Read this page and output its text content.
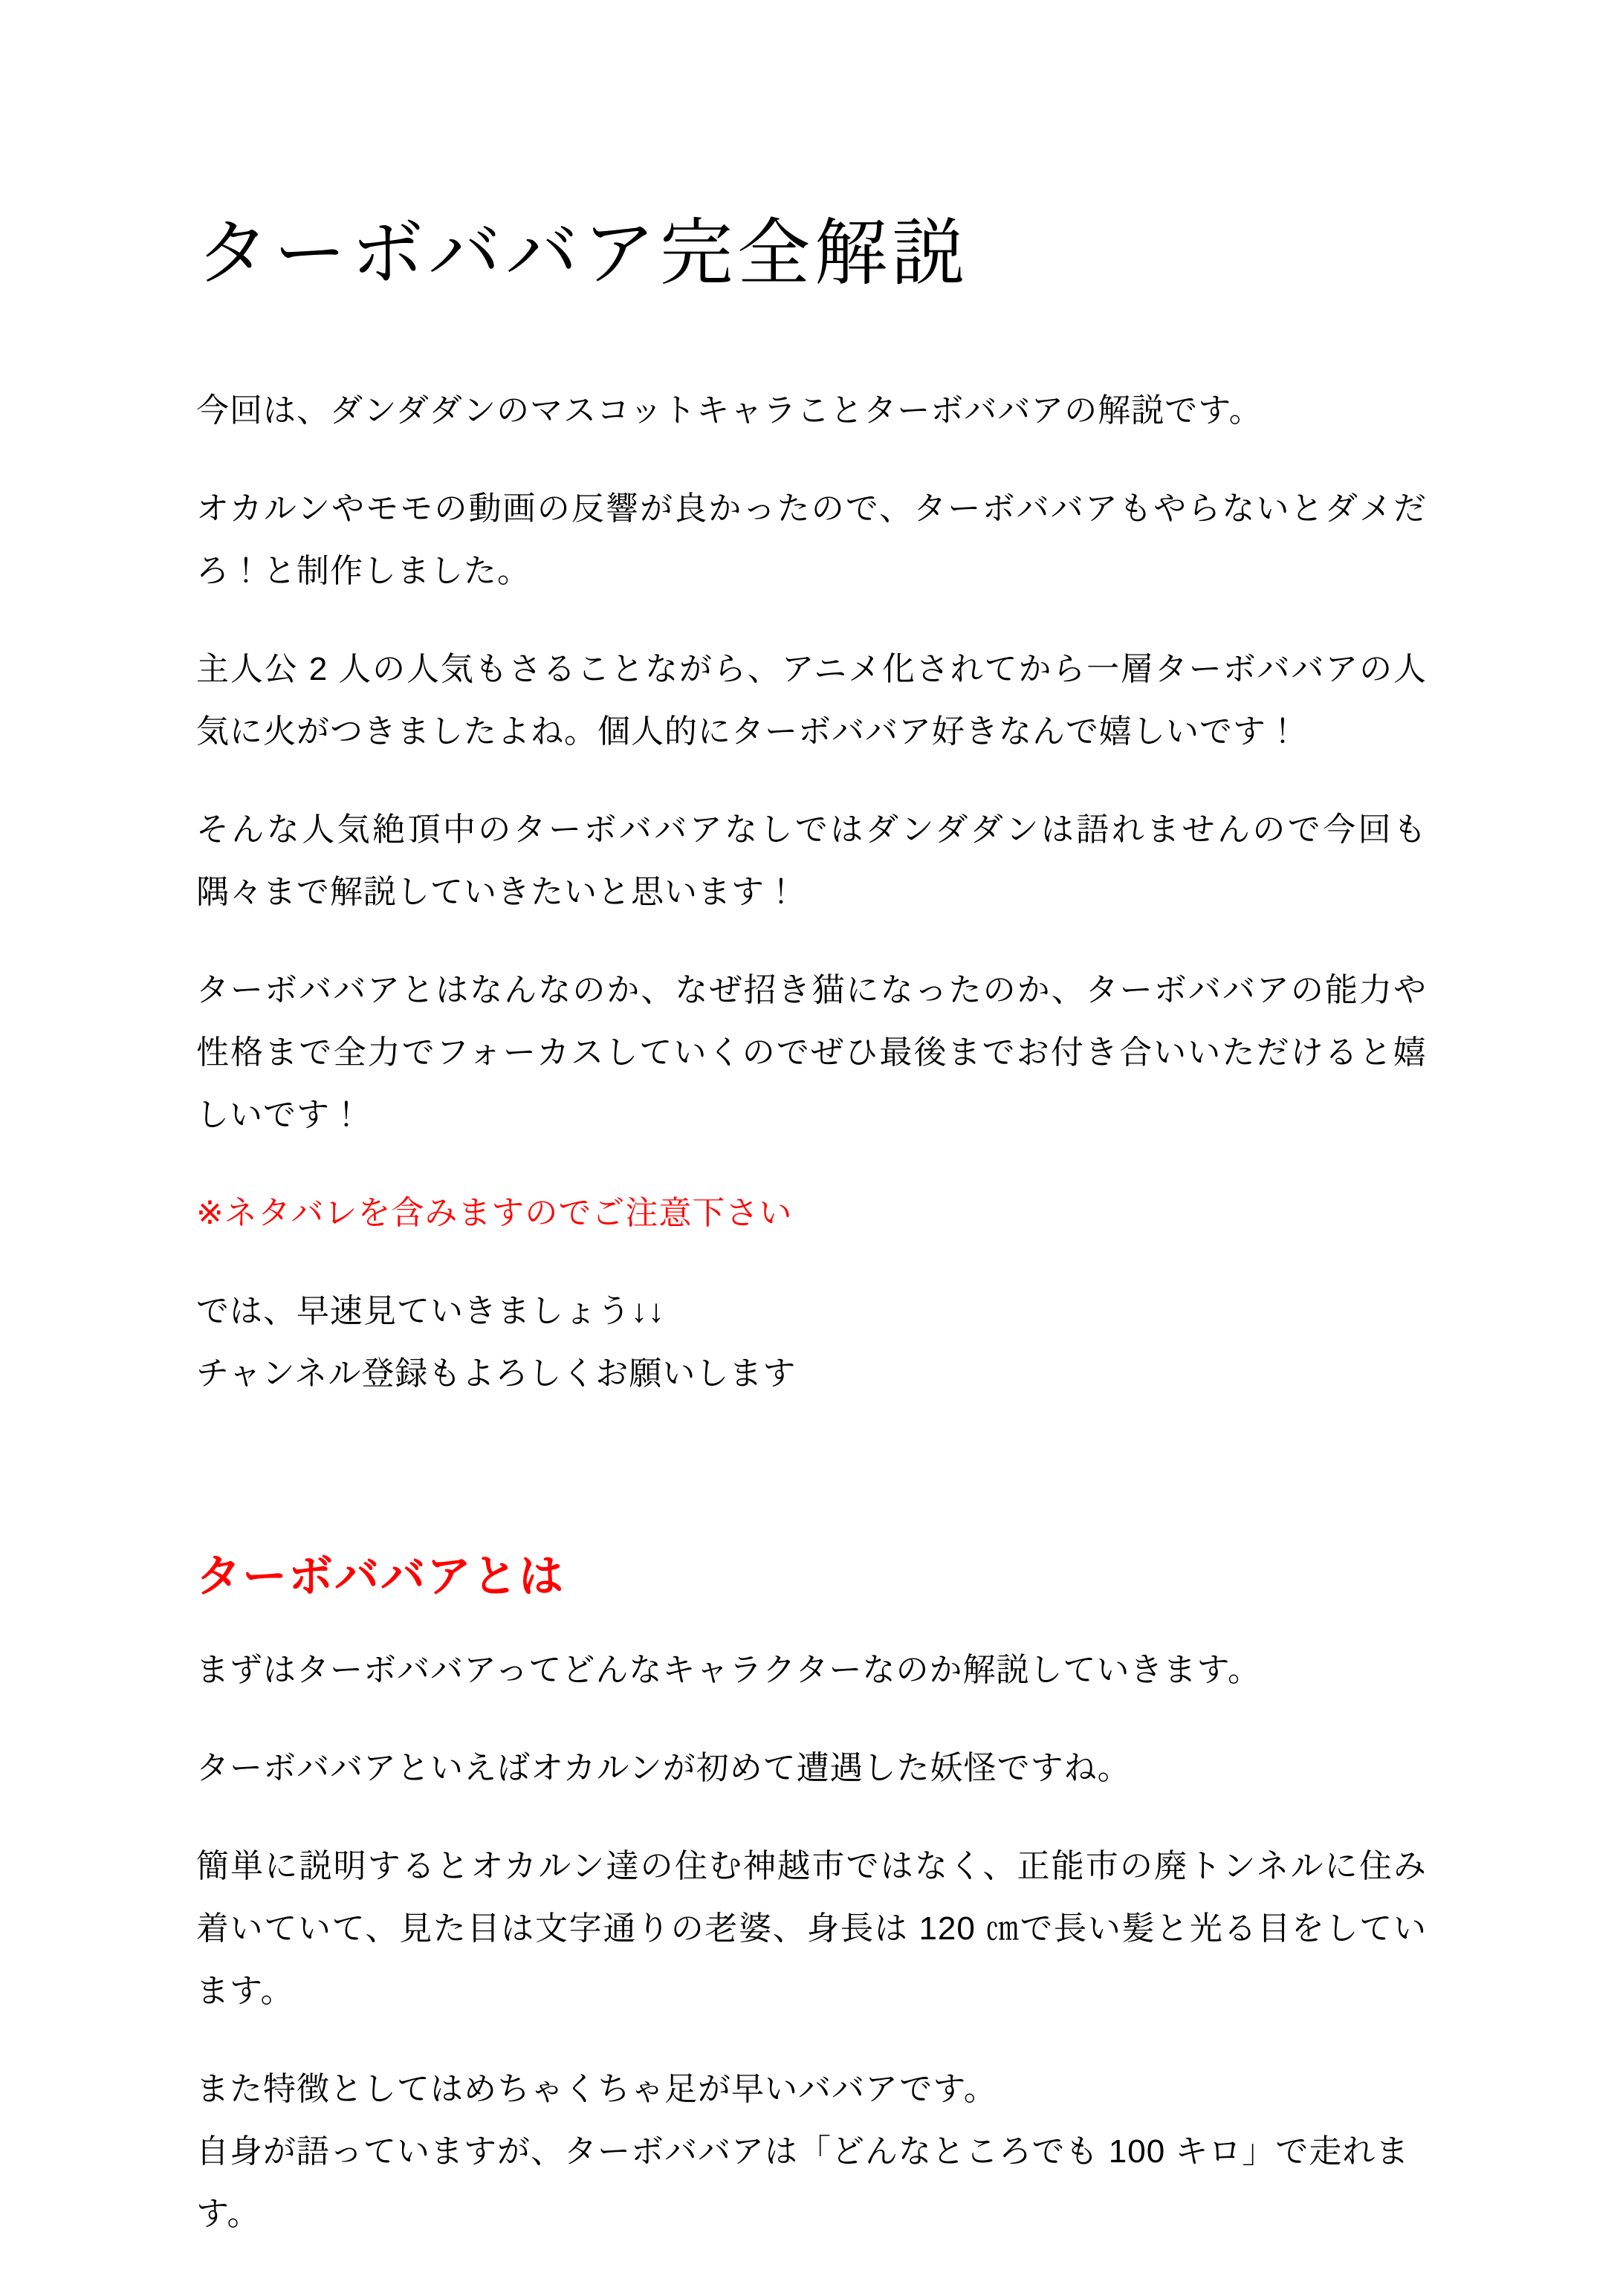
ターボババア完全解説

今回は、ダンダダンのマスコットキャラことターボババアの解説です。

オカルンやモモの動画の反響が良かったので、ターボババアもやらないとダメだろ！と制作しました。

主人公 2 人の人気もさることながら、アニメ化されてから一層ターボババアの人気に火がつきましたよね。個人的にターボババア好きなんで嬉しいです！

そんな人気絶頂中のターボババアなしではダンダダンは語れませんので今回も隅々まで解説していきたいと思います！

ターボババアとはなんなのか、なぜ招き猫になったのか、ターボババアの能力や性格まで全力でフォーカスしていくのでぜひ最後までお付き合いいただけると嬉しいです！

※ネタバレを含みますのでご注意下さい

では、早速見ていきましょう↓↓
チャンネル登録もよろしくお願いします

ターボババアとは

まずはターボババアってどんなキャラクターなのか解説していきます。

ターボババアといえばオカルンが初めて遭遇した妖怪ですね。

簡単に説明するとオカルン達の住む神越市ではなく、正能市の廃トンネルに住み着いていて、見た目は文字通りの老婆、身長は 120 ㎝で長い髪と光る目をしています。

また特徴としてはめちゃくちゃ足が早いババアです。
自身が語っていますが、ターボババアは「どんなところでも 100 キロ」で走れます。
